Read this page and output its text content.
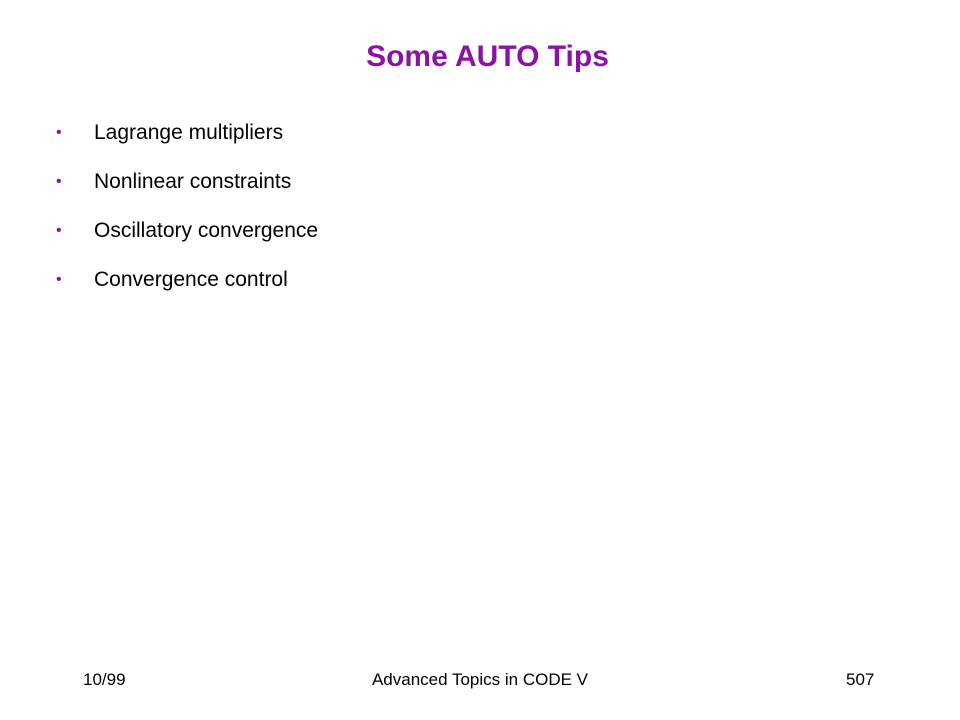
Some AUTO Tips
• Lagrange multipliers
• Nonlinear constraints
• Oscillatory convergence
• Convergence control
10/99	Advanced Topics in CODE V	507
